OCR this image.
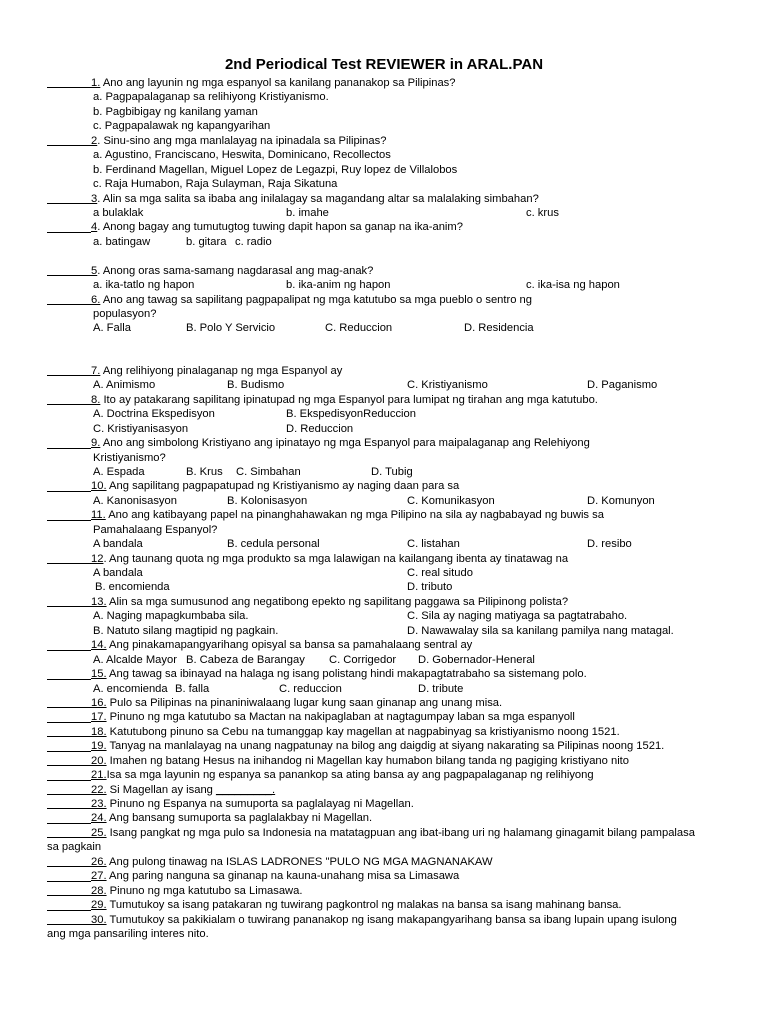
2nd Periodical Test REVIEWER in ARAL.PAN
1. Ano ang layunin ng mga espanyol sa kanilang pananakop sa Pilipinas?
a. Pagpapalaganap sa relihiyong Kristiyanismo.
b. Pagbibigay ng kanilang yaman
c. Pagpapalawak ng kapangyarihan
2. Sinu-sino ang mga manlalayag na ipinadala sa Pilipinas?
a. Agustino, Franciscano, Heswita, Dominicano, Recollectos
b. Ferdinand Magellan, Miguel Lopez de Legazpi, Ruy lopez de Villalobos
c. Raja Humabon, Raja Sulayman, Raja Sikatuna
3. Alin sa mga salita sa ibaba ang inilalagay sa magandang altar sa malalaking simbahan?
a bulaklak	b. imahe	c. krus
4. Anong bagay ang tumutugtog tuwing dapit hapon sa ganap na ika-anim?
a. batingaw	b. gitara c. radio
5. Anong oras sama-samang nagdarasal ang mag-anak?
a. ika-tatlo ng hapon	b. ika-anim ng hapon	c. ika-isa ng hapon
6. Ano ang tawag sa sapilitang pagpapalipat ng mga katutubo sa mga pueblo o sentro ng
populasyon?
A. Falla	B. Polo Y Servicio	C. Reduccion	D. Residencia
7. Ang relihiyong pinalaganap ng mga Espanyol ay
A. Animismo	B. Budismo	C. Kristiyanismo	D. Paganismo
8. Ito ay patakarang sapilitang ipinatupad ng mga Espanyol para lumipat ng tirahan ang mga katutubo.
A. Doctrina Ekspedisyon	B. EkspedisyonReduccion
C. Kristiyanisasyon	D. Reduccion
9. Ano ang simbolong Kristiyano ang ipinatayo ng mga Espanyol para maipalaganap ang Relehiyong
Kristiyanismo?
A. Espada	B. Krus C. Simbahan	D. Tubig
10. Ang sapilitang pagpapatupad ng Kristiyanismo ay naging daan para sa
A. Kanonisasyon	B. Kolonisasyon	C. Komunikasyon	D. Komunyon
11. Ano ang katibayang papel na pinanghahawakan ng mga Pilipino na sila ay nagbabayad ng buwis sa
Pamahalaang Espanyol?
A bandala	B. cedula personal	C. listahan	D. resibo
12. Ang taunang quota ng mga produkto sa mga lalawigan na kailangang ibenta ay tinatawag na
A bandala	C. real situdo
B. encomienda	D. tributo
13. Alin sa mga sumusunod ang negatibong epekto ng sapilitang paggawa sa Pilipinong polista?
A. Naging mapagkumbaba sila.	C. Sila ay naging matiyaga sa pagtatrabaho.
B. Natuto silang magtipid ng pagkain.	D. Nawawalay sila sa kanilang pamilya nang matagal.
14. Ang pinakamapangyarihang opisyal sa bansa sa pamahalaang sentral ay
A. Alcalde Mayor B. Cabeza de Barangay C. Corrigedor D. Gobernador-Heneral
15. Ang tawag sa ibinayad na halaga ng isang polistang hindi makapagtatrabaho sa sistemang polo.
A. encomienda B. falla	C. reduccion	D. tribute
16. Pulo sa Pilipinas na pinaniniwalaang lugar kung saan ginanap ang unang misa.
17. Pinuno ng mga katutubo sa Mactan na nakipaglaban at nagtagumpay laban sa mga espanyoll
18. Katutubong pinuno sa Cebu na tumanggap kay magellan at nagpabinyag sa kristiyanismo noong 1521.
19. Tanyag na manlalayag na unang nagpatunay na bilog ang daigdig at siyang nakarating sa Pilipinas noong 1521.
20. Imahen ng batang Hesus na inihandog ni Magellan kay humabon bilang tanda ng pagiging kristiyano nito
21.Isa sa mga layunin ng espanya sa panankop sa ating bansa ay ang pagpapalaganap ng relihiyong
22. Si Magellan ay isang _________.
23. Pinuno ng Espanya na sumuporta sa paglalayag ni Magellan.
24. Ang bansang sumuporta sa paglalakbay ni Magellan.
25. Isang pangkat ng mga pulo sa Indonesia na matatagpuan ang ibat-ibang uri ng halamang ginagamit bilang pampalasa
sa pagkain
26. Ang pulong tinawag na ISLAS LADRONES "PULO NG MGA MAGNANAKAW
27. Ang paring nanguna sa ginanap na kauna-unahang misa sa Limasawa
28. Pinuno ng mga katutubo sa Limasawa.
29. Tumutukoy sa isang patakaran ng tuwirang pagkontrol ng malakas na bansa sa isang mahinang bansa.
30. Tumutukoy sa pakikialam o tuwirang pananakop ng isang makapangyarihang bansa sa ibang lupain upang isulong
ang mga pansariling interes nito.
